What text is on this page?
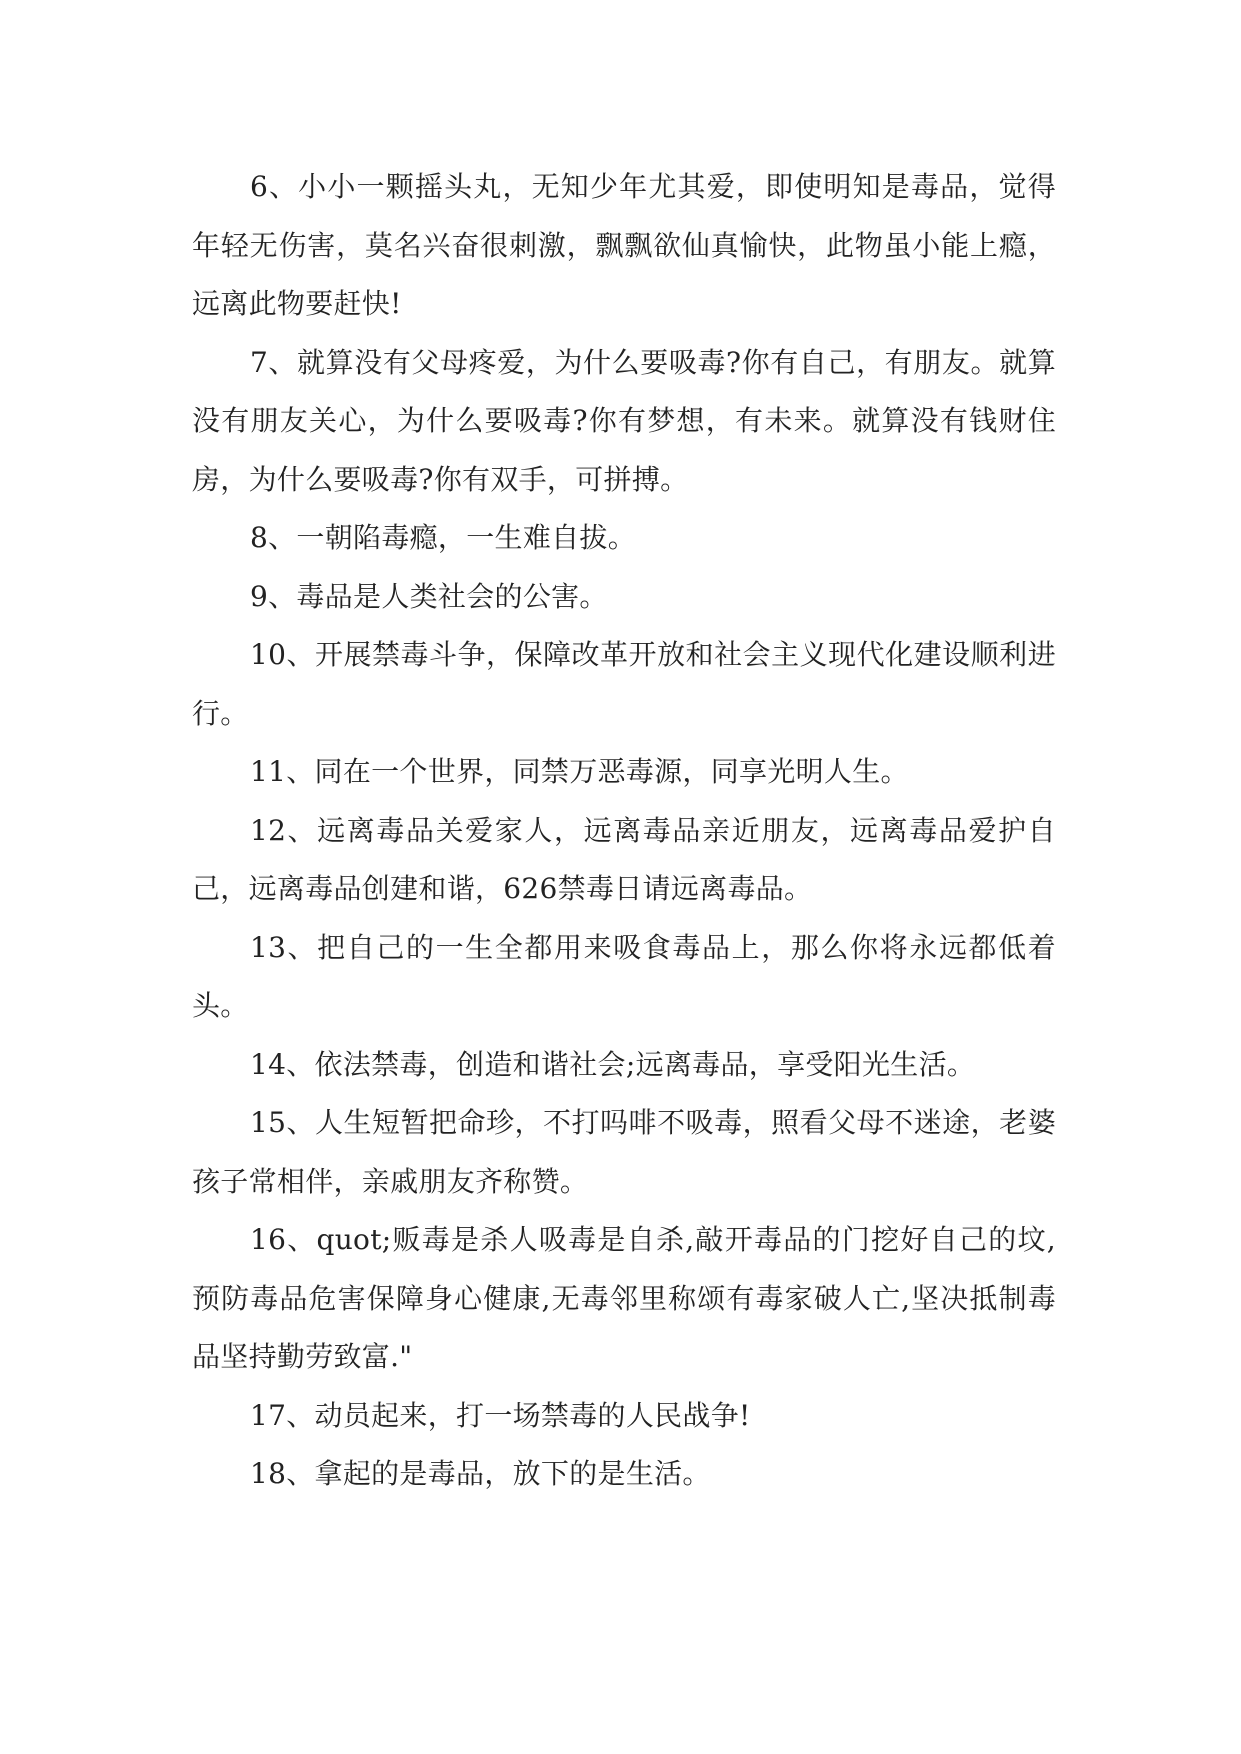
6、小小一颗摇头丸，无知少年尤其爱，即使明知是毒品，觉得年轻无伤害，莫名兴奋很刺激，飘飘欲仙真愉快，此物虽小能上瘾，远离此物要赶快!

7、就算没有父母疼爱，为什么要吸毒?你有自己，有朋友。就算没有朋友关心，为什么要吸毒?你有梦想，有未来。就算没有钱财住房，为什么要吸毒?你有双手，可拼搏。

8、一朝陷毒瘾，一生难自拔。

9、毒品是人类社会的公害。

10、开展禁毒斗争，保障改革开放和社会主义现代化建设顺利进行。

11、同在一个世界，同禁万恶毒源，同享光明人生。

12、远离毒品关爱家人，远离毒品亲近朋友，远离毒品爱护自己，远离毒品创建和谐，626禁毒日请远离毒品。

13、把自己的一生全都用来吸食毒品上，那么你将永远都低着头。

14、依法禁毒，创造和谐社会;远离毒品，享受阳光生活。

15、人生短暂把命珍，不打吗啡不吸毒，照看父母不迷途，老婆孩子常相伴，亲戚朋友齐称赞。

16、quot;贩毒是杀人吸毒是自杀,敲开毒品的门挖好自己的坟,预防毒品危害保障身心健康,无毒邻里称颂有毒家破人亡,坚决抵制毒品坚持勤劳致富."

17、动员起来，打一场禁毒的人民战争!

18、拿起的是毒品，放下的是生活。
